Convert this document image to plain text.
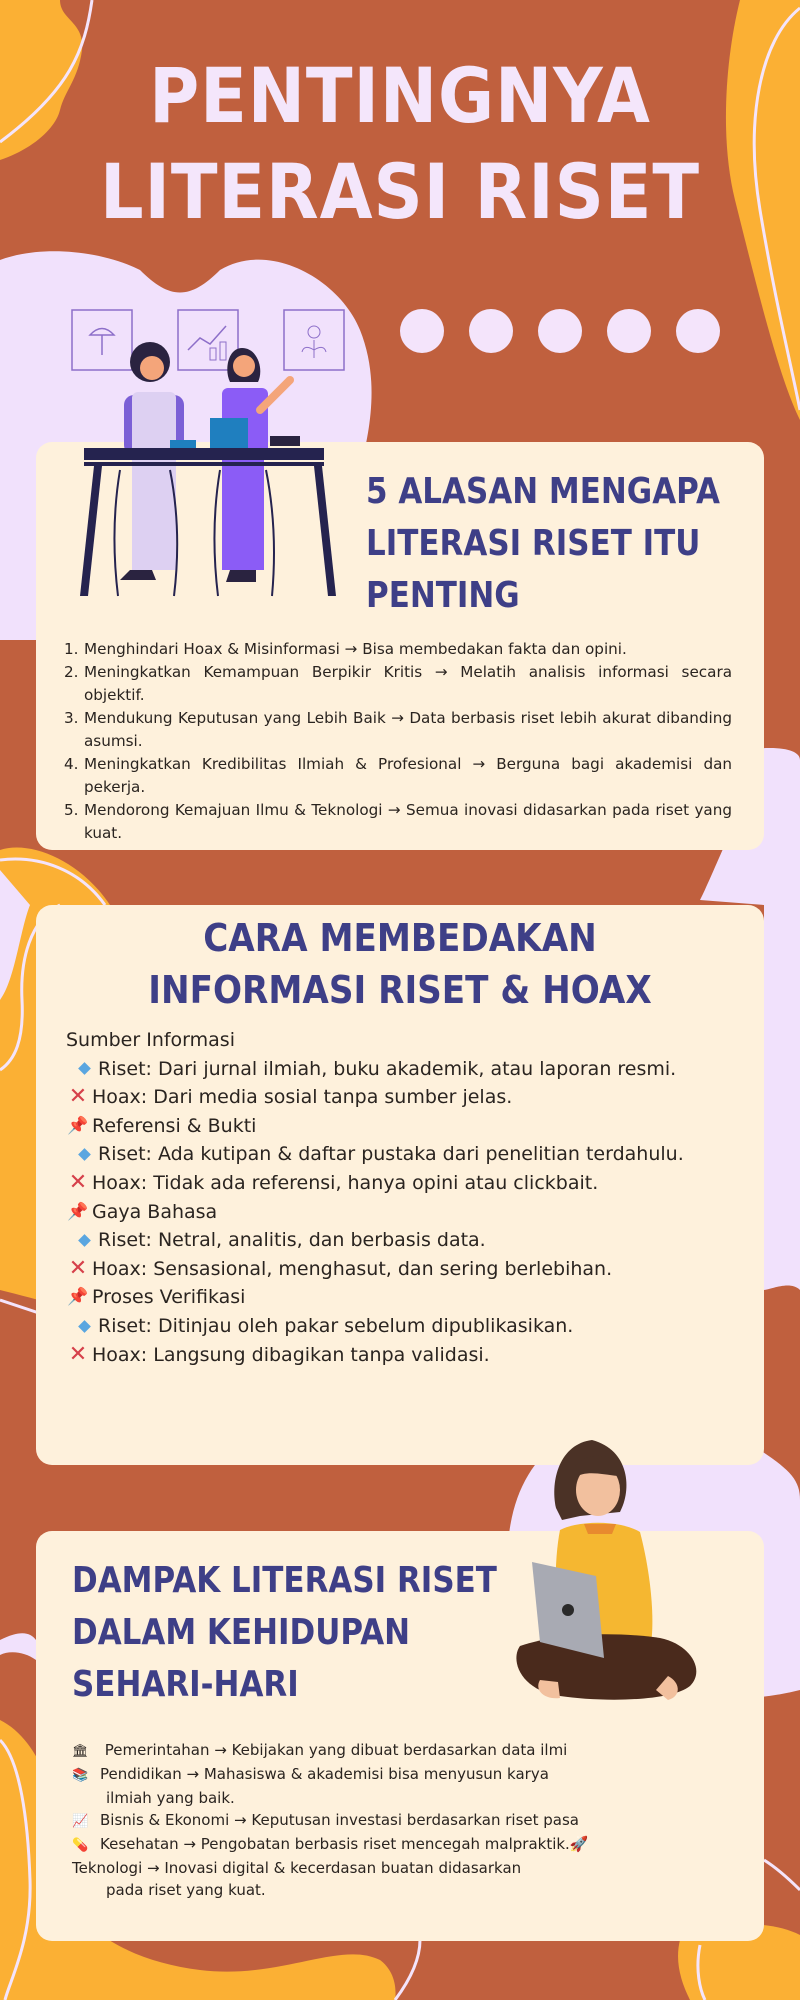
PENTINGNYA
LITERASI RISET
5 ALASAN MENGAPA
LITERASI RISET ITU
PENTING
1. Menghindari Hoax & Misinformasi → Bisa membedakan fakta dan opini.
2. Meningkatkan Kemampuan Berpikir Kritis → Melatih analisis informasi secara objektif.
3. Mendukung Keputusan yang Lebih Baik → Data berbasis riset lebih akurat dibanding asumsi.
4. Meningkatkan Kredibilitas Ilmiah & Profesional → Berguna bagi akademisi dan pekerja.
5. Mendorong Kemajuan Ilmu & Teknologi → Semua inovasi didasarkan pada riset yang kuat.
CARA MEMBEDAKAN
INFORMASI RISET & HOAX
Sumber Informasi
Riset: Dari jurnal ilmiah, buku akademik, atau laporan resmi.
✕ Hoax: Dari media sosial tanpa sumber jelas.
📌 Referensi & Bukti
Riset: Ada kutipan & daftar pustaka dari penelitian terdahulu.
✕ Hoax: Tidak ada referensi, hanya opini atau clickbait.
📌 Gaya Bahasa
Riset: Netral, analitis, dan berbasis data.
✕ Hoax: Sensasional, menghasut, dan sering berlebihan.
📌 Proses Verifikasi
Riset: Ditinjau oleh pakar sebelum dipublikasikan.
✕ Hoax: Langsung dibagikan tanpa validasi.
DAMPAK LITERASI RISET
DALAM KEHIDUPAN
SEHARI-HARI
🏛 Pemerintahan → Kebijakan yang dibuat berdasarkan data ilmi
📚 Pendidikan → Mahasiswa & akademisi bisa menyusun karya
ilmiah yang baik.
📈 Bisnis & Ekonomi → Keputusan investasi berdasarkan riset pasa
💊 Kesehatan → Pengobatan berbasis riset mencegah malpraktik.🚀
Teknologi → Inovasi digital & kecerdasan buatan didasarkan
pada riset yang kuat.
